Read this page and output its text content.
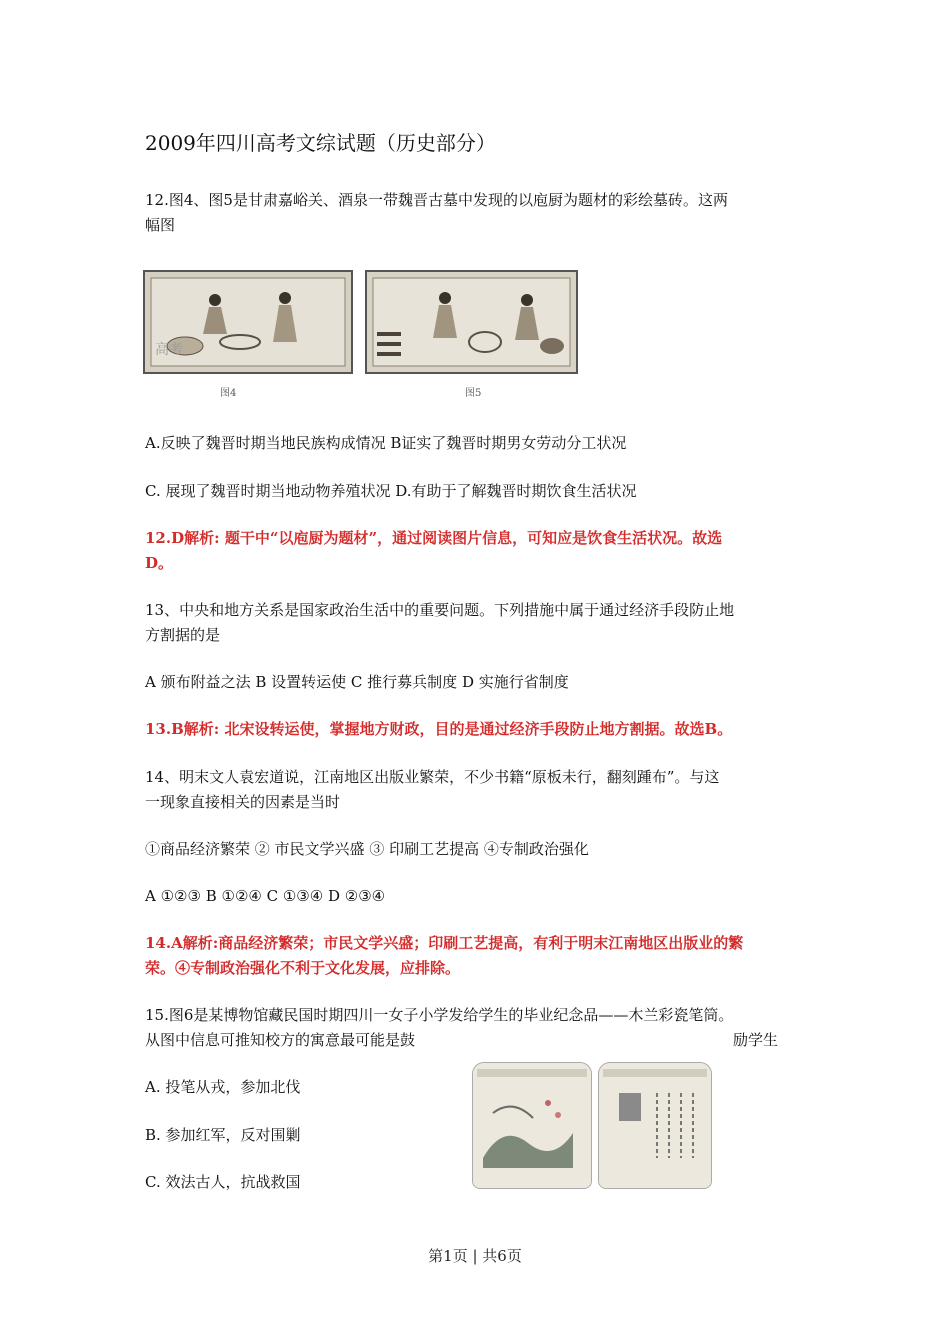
2009年四川高考文综试题（历史部分）
12.图4、图5是甘肃嘉峪关、酒泉一带魏晋古墓中发现的以庖厨为题材的彩绘墓砖。这两
幅图
高考
图4	图5
A.反映了魏晋时期当地民族构成情况 B证实了魏晋时期男女劳动分工状况
C. 展现了魏晋时期当地动物养殖状况 D.有助于了解魏晋时期饮食生活状况
12.D解析: 题干中“以庖厨为题材”，通过阅读图片信息，可知应是饮食生活状况。故选
D。
13、中央和地方关系是国家政治生活中的重要问题。下列措施中属于通过经济手段防止地
方割据的是
A 颁布附益之法 B 设置转运使 C 推行募兵制度 D 实施行省制度
13.B解析: 北宋设转运使，掌握地方财政，目的是通过经济手段防止地方割据。故选B。
14、明末文人袁宏道说，江南地区出版业繁荣，不少书籍“原板未行，翻刻踵布”。与这
一现象直接相关的因素是当时
①商品经济繁荣 ② 市民文学兴盛 ③ 印刷工艺提高 ④专制政治强化
A ①②③ B ①②④ C ①③④ D ②③④
14.A解析:商品经济繁荣；市民文学兴盛；印刷工艺提高，有利于明末江南地区出版业的繁
荣。④专制政治强化不利于文化发展，应排除。
15.图6是某博物馆藏民国时期四川一女子小学发给学生的毕业纪念品——木兰彩瓷笔筒。
从图中信息可推知校方的寓意最可能是鼓	励学生
A. 投笔从戎，参加北伐
B. 参加红军，反对围剿
C. 效法古人，抗战救国
第1页 | 共6页
